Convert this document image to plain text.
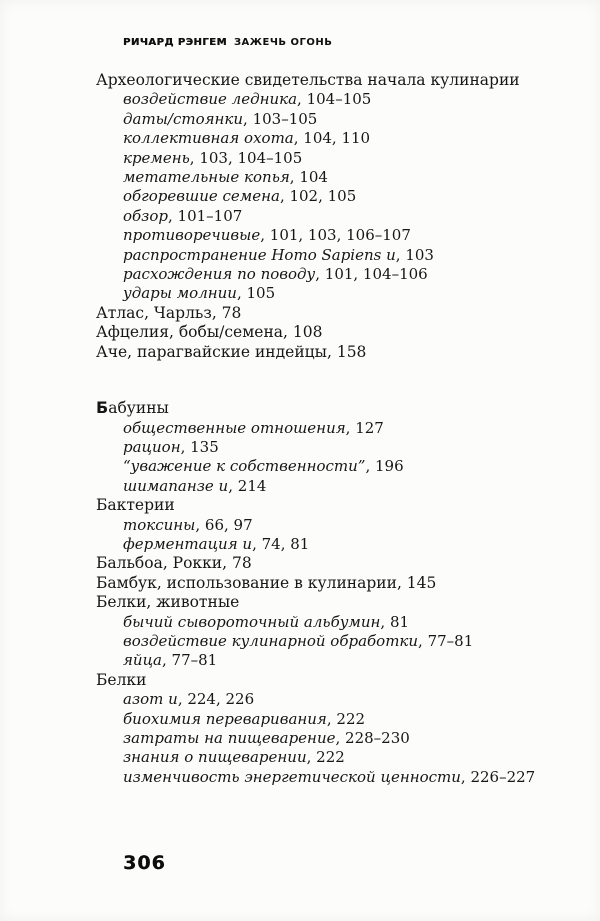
РИЧАРД РЭНГЕМ ЗАЖЕЧЬ ОГОНЬ
Археологические свидетельства начала кулинарии
воздействие ледника, 104–105
даты/стоянки, 103–105
коллективная охота, 104, 110
кремень, 103, 104–105
метательные копья, 104
обгоревшие семена, 102, 105
обзор, 101–107
противоречивые, 101, 103, 106–107
распространение Homo Sapiens и, 103
расхождения по поводу, 101, 104–106
удары молнии, 105
Атлас, Чарльз, 78
Афцелия, бобы/семена, 108
Аче, парагвайские индейцы, 158
Бабуины
общественные отношения, 127
рацион, 135
“уважение к собственности”, 196
шимапанзе и, 214
Бактерии
токсины, 66, 97
ферментация и, 74, 81
Бальбоа, Рокки, 78
Бамбук, использование в кулинарии, 145
Белки, животные
бычий сывороточный альбумин, 81
воздействие кулинарной обработки, 77–81
яйца, 77–81
Белки
азот и, 224, 226
биохимия переваривания, 222
затраты на пищеварение, 228–230
знания о пищеварении, 222
изменчивость энергетической ценности, 226–227
306
